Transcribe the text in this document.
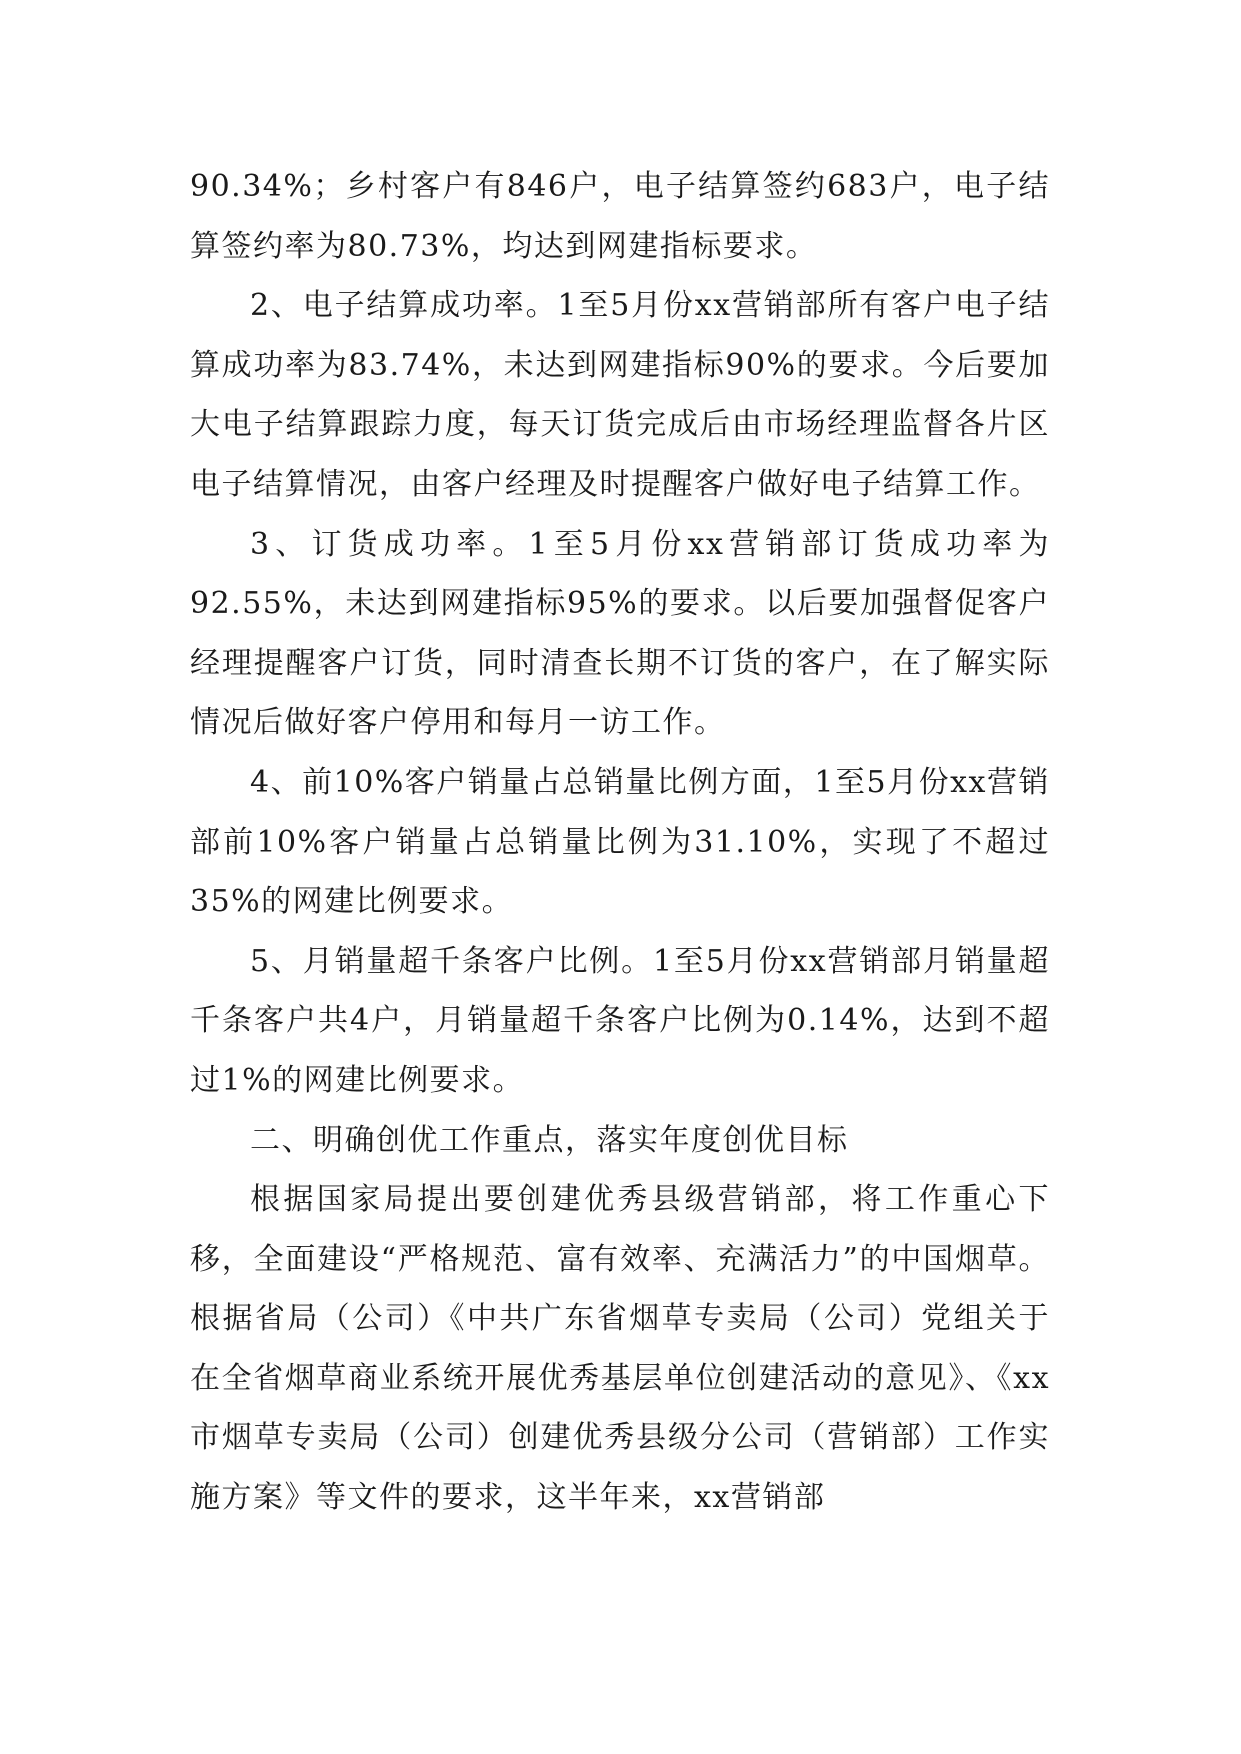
90.34%；乡村客户有846户，电子结算签约683户，电子结算签约率为80.73%，均达到网建指标要求。

2、电子结算成功率。1至5月份xx营销部所有客户电子结算成功率为83.74%，未达到网建指标90%的要求。今后要加大电子结算跟踪力度，每天订货完成后由市场经理监督各片区电子结算情况，由客户经理及时提醒客户做好电子结算工作。

3、订货成功率。1至5月份xx营销部订货成功率为92.55%，未达到网建指标95%的要求。以后要加强督促客户经理提醒客户订货，同时清查长期不订货的客户，在了解实际情况后做好客户停用和每月一访工作。

4、前10%客户销量占总销量比例方面，1至5月份xx营销部前10%客户销量占总销量比例为31.10%，实现了不超过35%的网建比例要求。

5、月销量超千条客户比例。1至5月份xx营销部月销量超千条客户共4户，月销量超千条客户比例为0.14%，达到不超过1%的网建比例要求。

二、明确创优工作重点，落实年度创优目标

根据国家局提出要创建优秀县级营销部，将工作重心下移，全面建设“严格规范、富有效率、充满活力”的中国烟草。根据省局（公司）《中共广东省烟草专卖局（公司）党组关于在全省烟草商业系统开展优秀基层单位创建活动的意见》、《xx市烟草专卖局（公司）创建优秀县级分公司（营销部）工作实施方案》等文件的要求，这半年来，xx营销部
